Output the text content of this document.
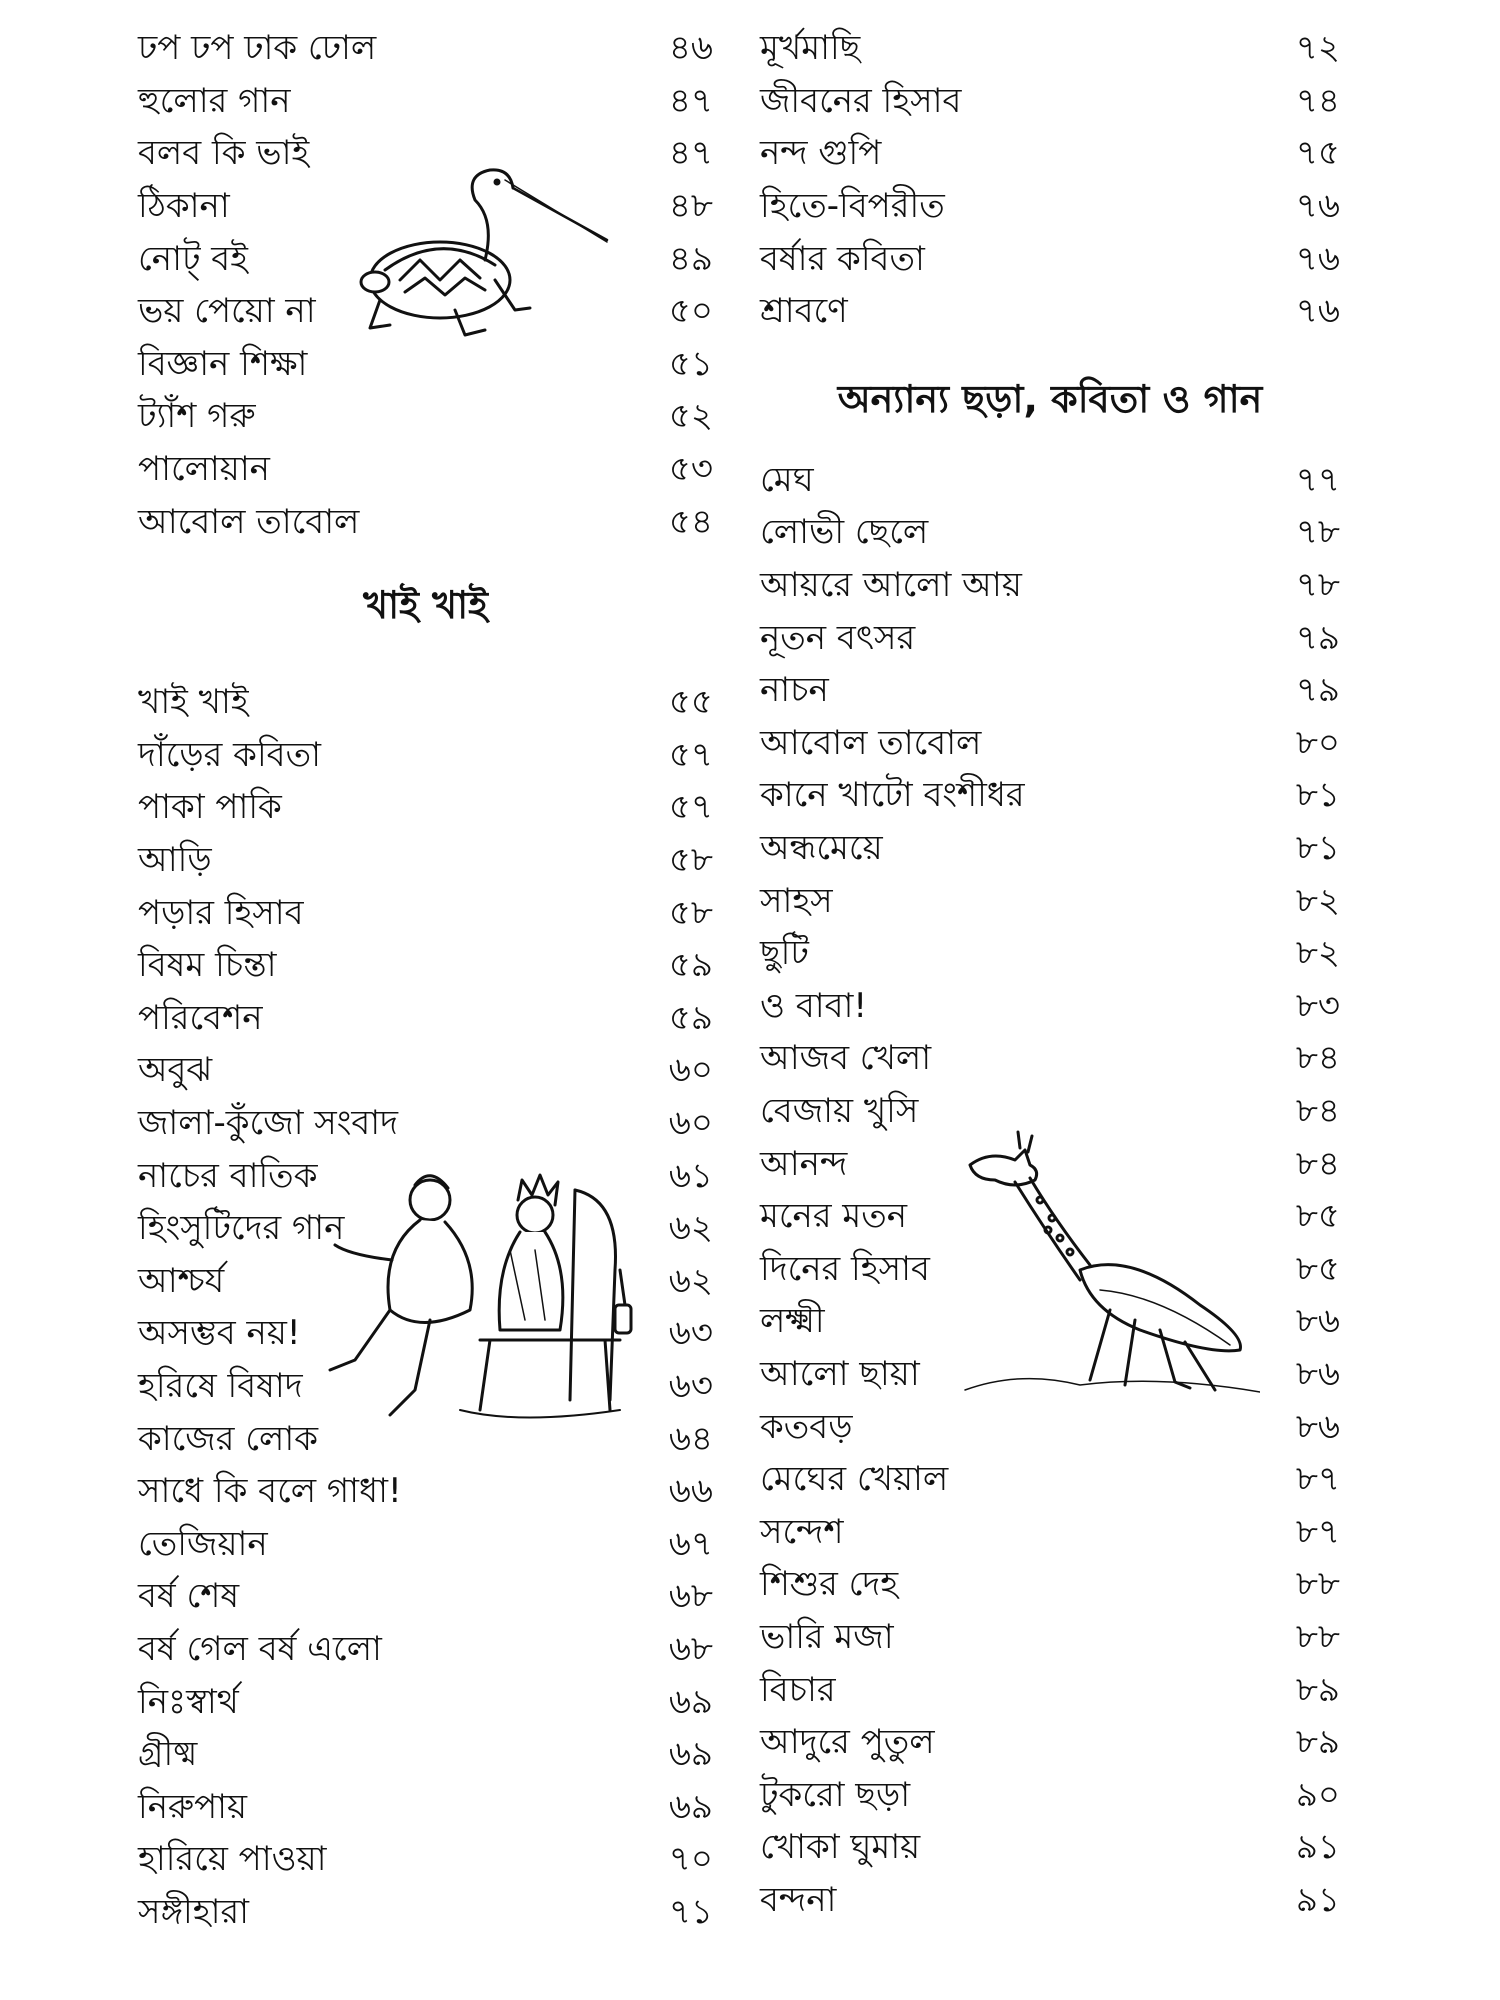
ঢপ ঢপ ঢাক ঢোল	৪৬
হুলোর গান	৪৭
বলব কি ভাই	৪৭
ঠিকানা	৪৮
নোট্ বই	৪৯
ভয় পেয়ো না	৫০
বিজ্ঞান শিক্ষা	৫১
ট্যাঁশ গরু	৫২
পালোয়ান	৫৩
আবোল তাবোল	৫৪
খাই খাই
খাই খাই	৫৫
দাঁড়ের কবিতা	৫৭
পাকা পাকি	৫৭
আড়ি	৫৮
পড়ার হিসাব	৫৮
বিষম চিন্তা	৫৯
পরিবেশন	৫৯
অবুঝ	৬০
জালা-কুঁজো সংবাদ	৬০
নাচের বাতিক	৬১
হিংসুটিদের গান	৬২
আশ্চর্য	৬২
অসম্ভব নয়!	৬৩
হরিষে বিষাদ	৬৩
কাজের লোক	৬৪
সাধে কি বলে গাধা!	৬৬
তেজিয়ান	৬৭
বর্ষ শেষ	৬৮
বর্ষ গেল বর্ষ এলো	৬৮
নিঃস্বার্থ	৬৯
গ্রীষ্ম	৬৯
নিরুপায়	৬৯
হারিয়ে পাওয়া	৭০
সঙ্গীহারা	৭১
মূর্খমাছি	৭২
জীবনের হিসাব	৭৪
নন্দ গুপি	৭৫
হিতে-বিপরীত	৭৬
বর্ষার কবিতা	৭৬
শ্রাবণে	৭৬
অন্যান্য ছড়া, কবিতা ও গান
মেঘ	৭৭
লোভী ছেলে	৭৮
আয়রে আলো আয়	৭৮
নূতন বৎসর	৭৯
নাচন	৭৯
আবোল তাবোল	৮০
কানে খাটো বংশীধর	৮১
অন্ধমেয়ে	৮১
সাহস	৮২
ছুটি	৮২
ও বাবা!	৮৩
আজব খেলা	৮৪
বেজায় খুসি	৮৪
আনন্দ	৮৪
মনের মতন	৮৫
দিনের হিসাব	৮৫
লক্ষ্মী	৮৬
আলো ছায়া	৮৬
কতবড়	৮৬
মেঘের খেয়াল	৮৭
সন্দেশ	৮৭
শিশুর দেহ	৮৮
ভারি মজা	৮৮
বিচার	৮৯
আদুরে পুতুল	৮৯
টুকরো ছড়া	৯০
খোকা ঘুমায়	৯১
বন্দনা	৯১
